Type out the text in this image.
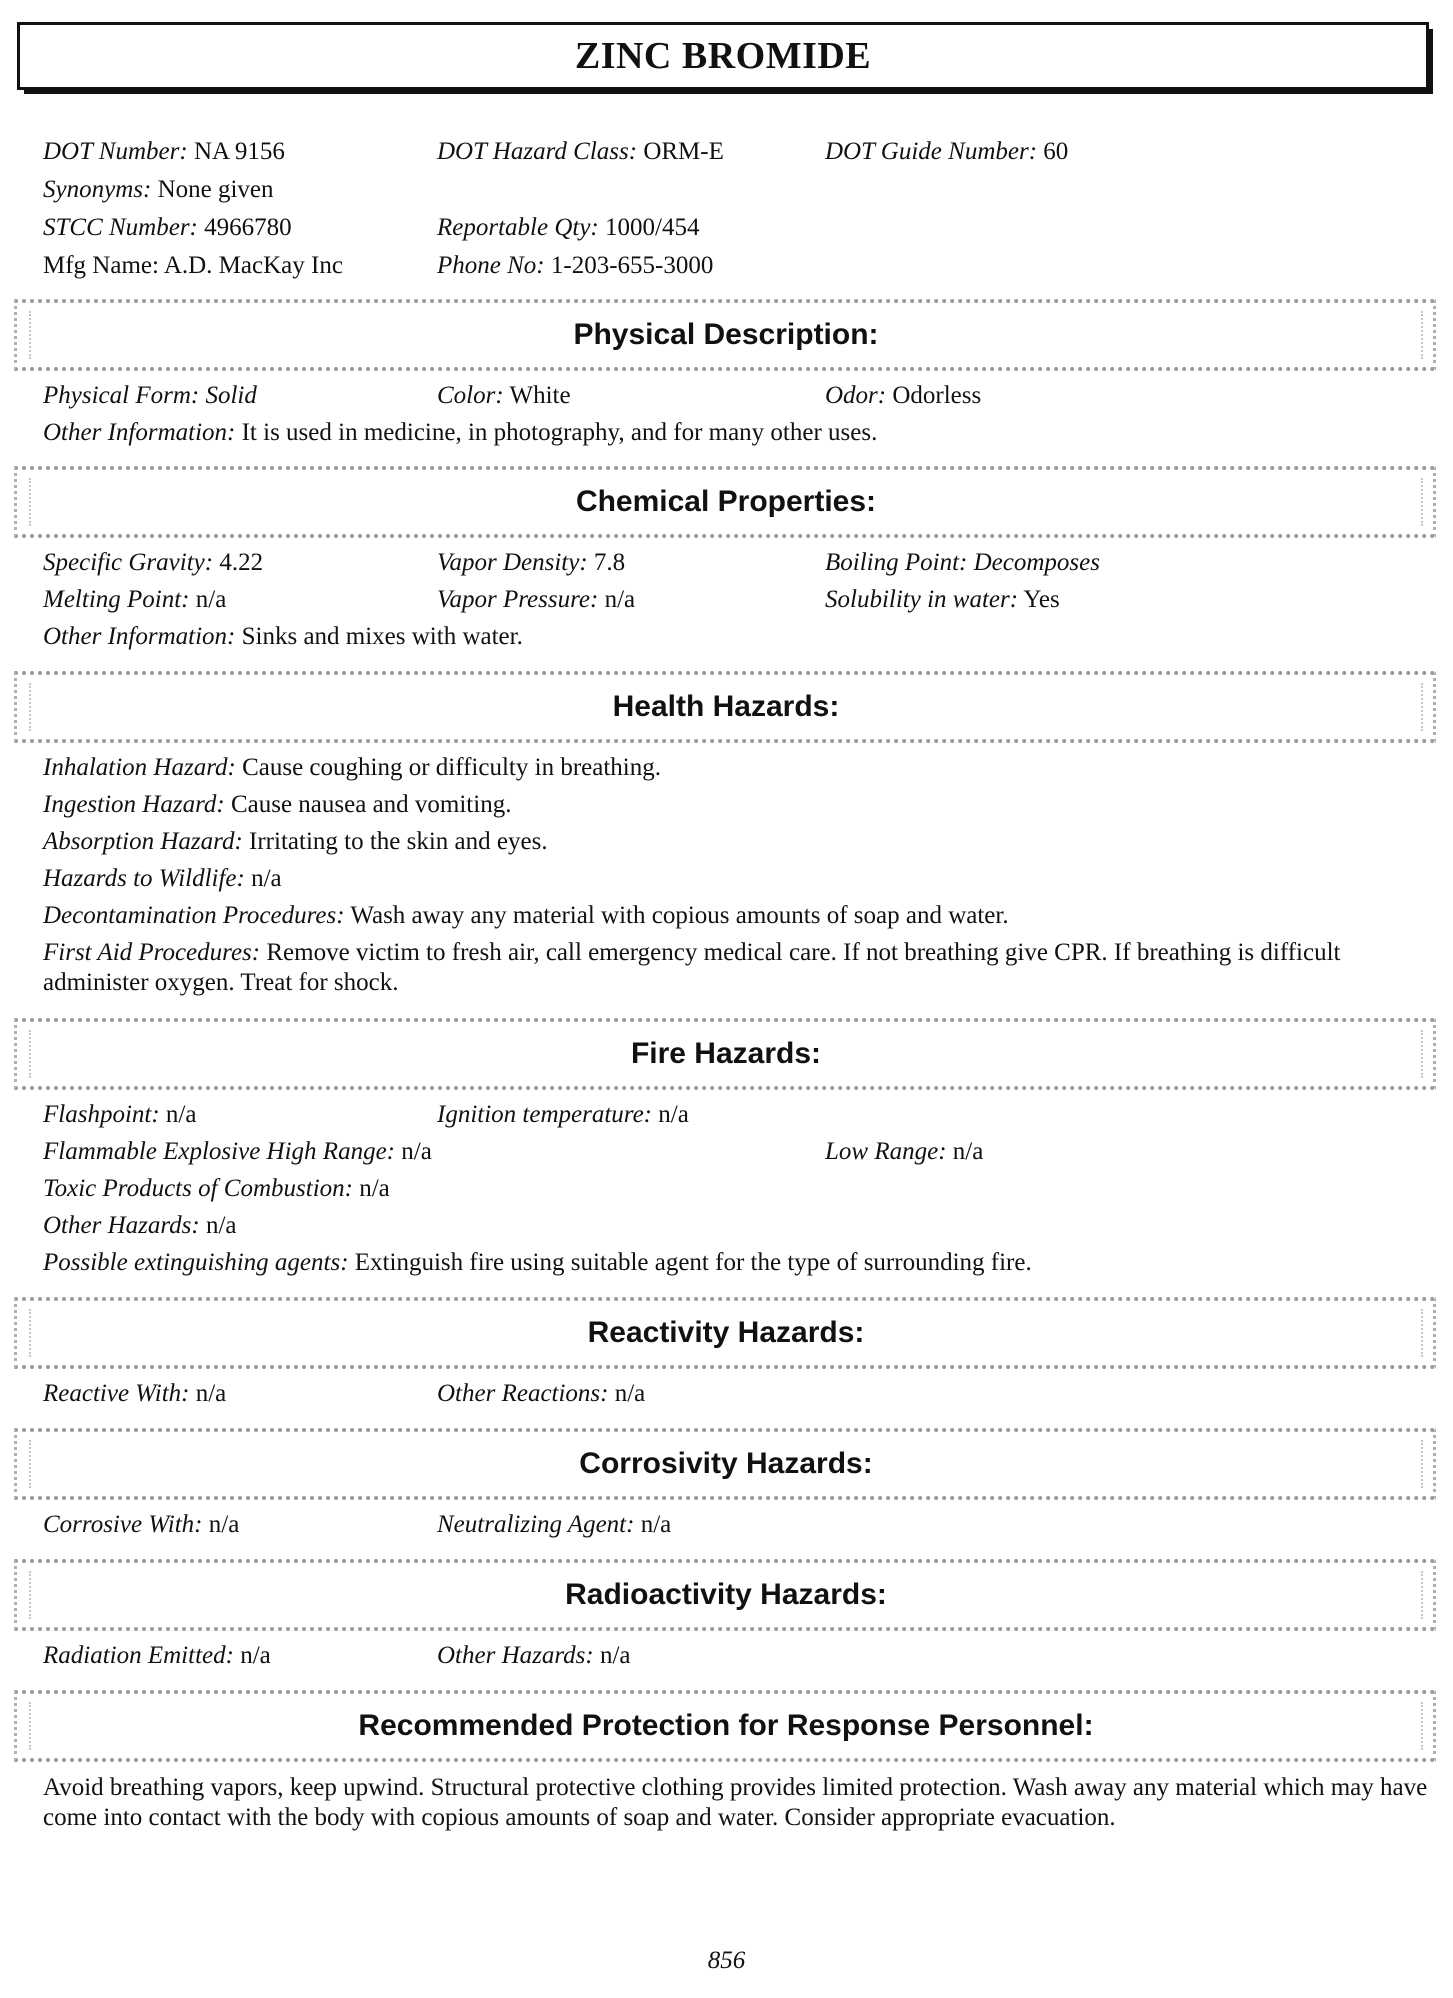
ZINC BROMIDE
DOT Number: NA 9156	DOT Hazard Class: ORM-E	DOT Guide Number: 60
Synonyms: None given
STCC Number: 4966780	Reportable Qty: 1000/454
Mfg Name: A.D. MacKay Inc	Phone No: 1-203-655-3000
Physical Description:
Physical Form: Solid	Color: White	Odor: Odorless
Other Information: It is used in medicine, in photography, and for many other uses.
Chemical Properties:
Specific Gravity: 4.22	Vapor Density: 7.8	Boiling Point: Decomposes
Melting Point: n/a	Vapor Pressure: n/a	Solubility in water: Yes
Other Information: Sinks and mixes with water.
Health Hazards:
Inhalation Hazard: Cause coughing or difficulty in breathing.
Ingestion Hazard: Cause nausea and vomiting.
Absorption Hazard: Irritating to the skin and eyes.
Hazards to Wildlife: n/a
Decontamination Procedures: Wash away any material with copious amounts of soap and water.
First Aid Procedures: Remove victim to fresh air, call emergency medical care. If not breathing give CPR. If breathing is difficult administer oxygen. Treat for shock.
Fire Hazards:
Flashpoint: n/a	Ignition temperature: n/a
Flammable Explosive High Range: n/a	Low Range: n/a
Toxic Products of Combustion: n/a
Other Hazards: n/a
Possible extinguishing agents: Extinguish fire using suitable agent for the type of surrounding fire.
Reactivity Hazards:
Reactive With: n/a	Other Reactions: n/a
Corrosivity Hazards:
Corrosive With: n/a	Neutralizing Agent: n/a
Radioactivity Hazards:
Radiation Emitted: n/a	Other Hazards: n/a
Recommended Protection for Response Personnel:
Avoid breathing vapors, keep upwind. Structural protective clothing provides limited protection. Wash away any material which may have come into contact with the body with copious amounts of soap and water. Consider appropriate evacuation.
856
